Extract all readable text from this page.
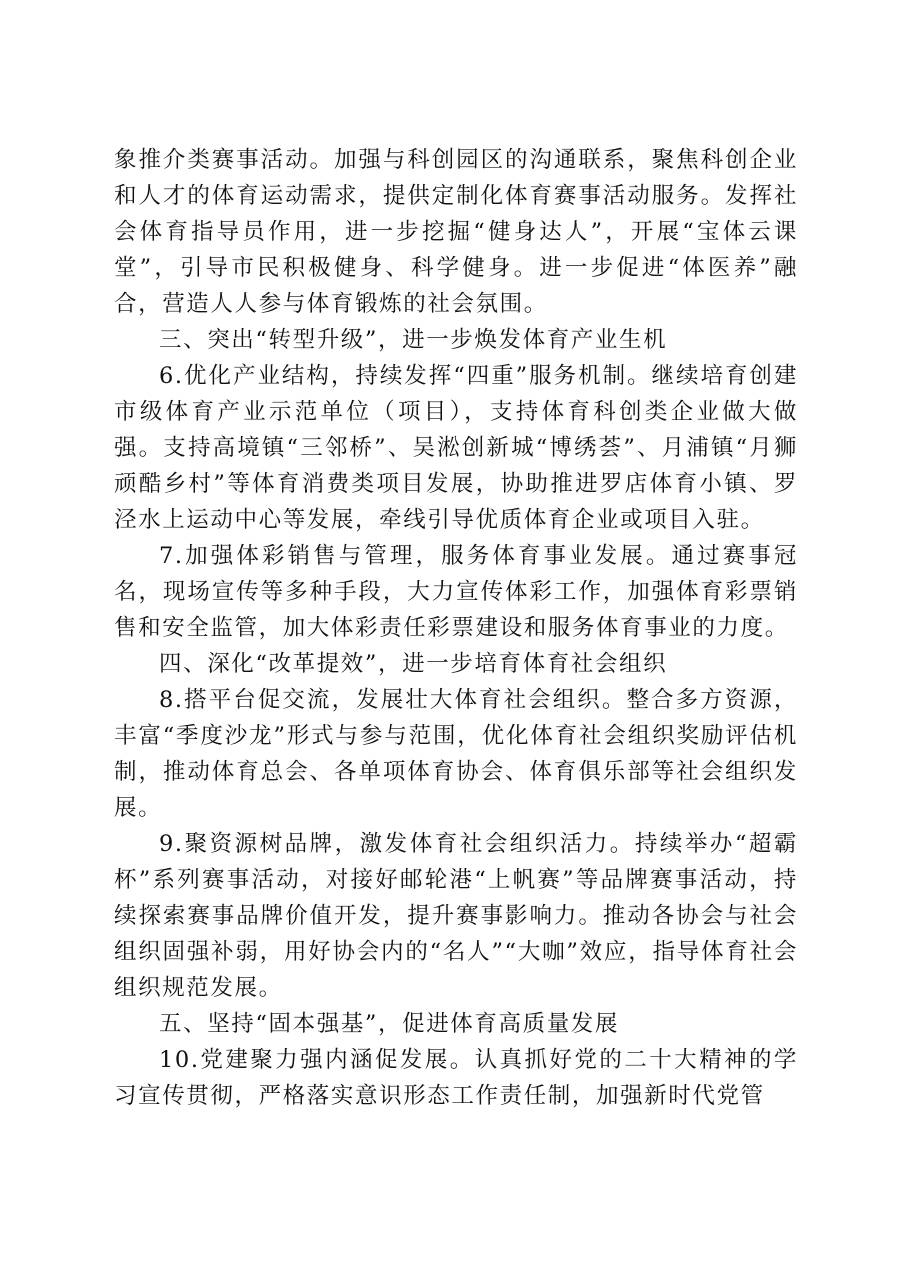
象推介类赛事活动。加强与科创园区的沟通联系，聚焦科创企业和人才的体育运动需求，提供定制化体育赛事活动服务。发挥社会体育指导员作用，进一步挖掘“健身达人”，开展“宝体云课堂”，引导市民积极健身、科学健身。进一步促进“体医养”融合，营造人人参与体育锻炼的社会氛围。

三、突出“转型升级”，进一步焕发体育产业生机

6.优化产业结构，持续发挥“四重”服务机制。继续培育创建市级体育产业示范单位（项目），支持体育科创类企业做大做强。支持高境镇“三邻桥”、吴淞创新城“博绣荟”、月浦镇“月狮顽酷乡村”等体育消费类项目发展，协助推进罗店体育小镇、罗泾水上运动中心等发展，牵线引导优质体育企业或项目入驻。

7.加强体彩销售与管理，服务体育事业发展。通过赛事冠名，现场宣传等多种手段，大力宣传体彩工作，加强体育彩票销售和安全监管，加大体彩责任彩票建设和服务体育事业的力度。

四、深化“改革提效”，进一步培育体育社会组织

8.搭平台促交流，发展壮大体育社会组织。整合多方资源，丰富“季度沙龙”形式与参与范围，优化体育社会组织奖励评估机制，推动体育总会、各单项体育协会、体育俱乐部等社会组织发展。

9.聚资源树品牌，激发体育社会组织活力。持续举办“超霸杯”系列赛事活动，对接好邮轮港“上帆赛”等品牌赛事活动，持续探索赛事品牌价值开发，提升赛事影响力。推动各协会与社会组织固强补弱，用好协会内的“名人”“大咖”效应，指导体育社会组织规范发展。

五、坚持“固本强基”，促进体育高质量发展

10.党建聚力强内涵促发展。认真抓好党的二十大精神的学习宣传贯彻，严格落实意识形态工作责任制，加强新时代党管
